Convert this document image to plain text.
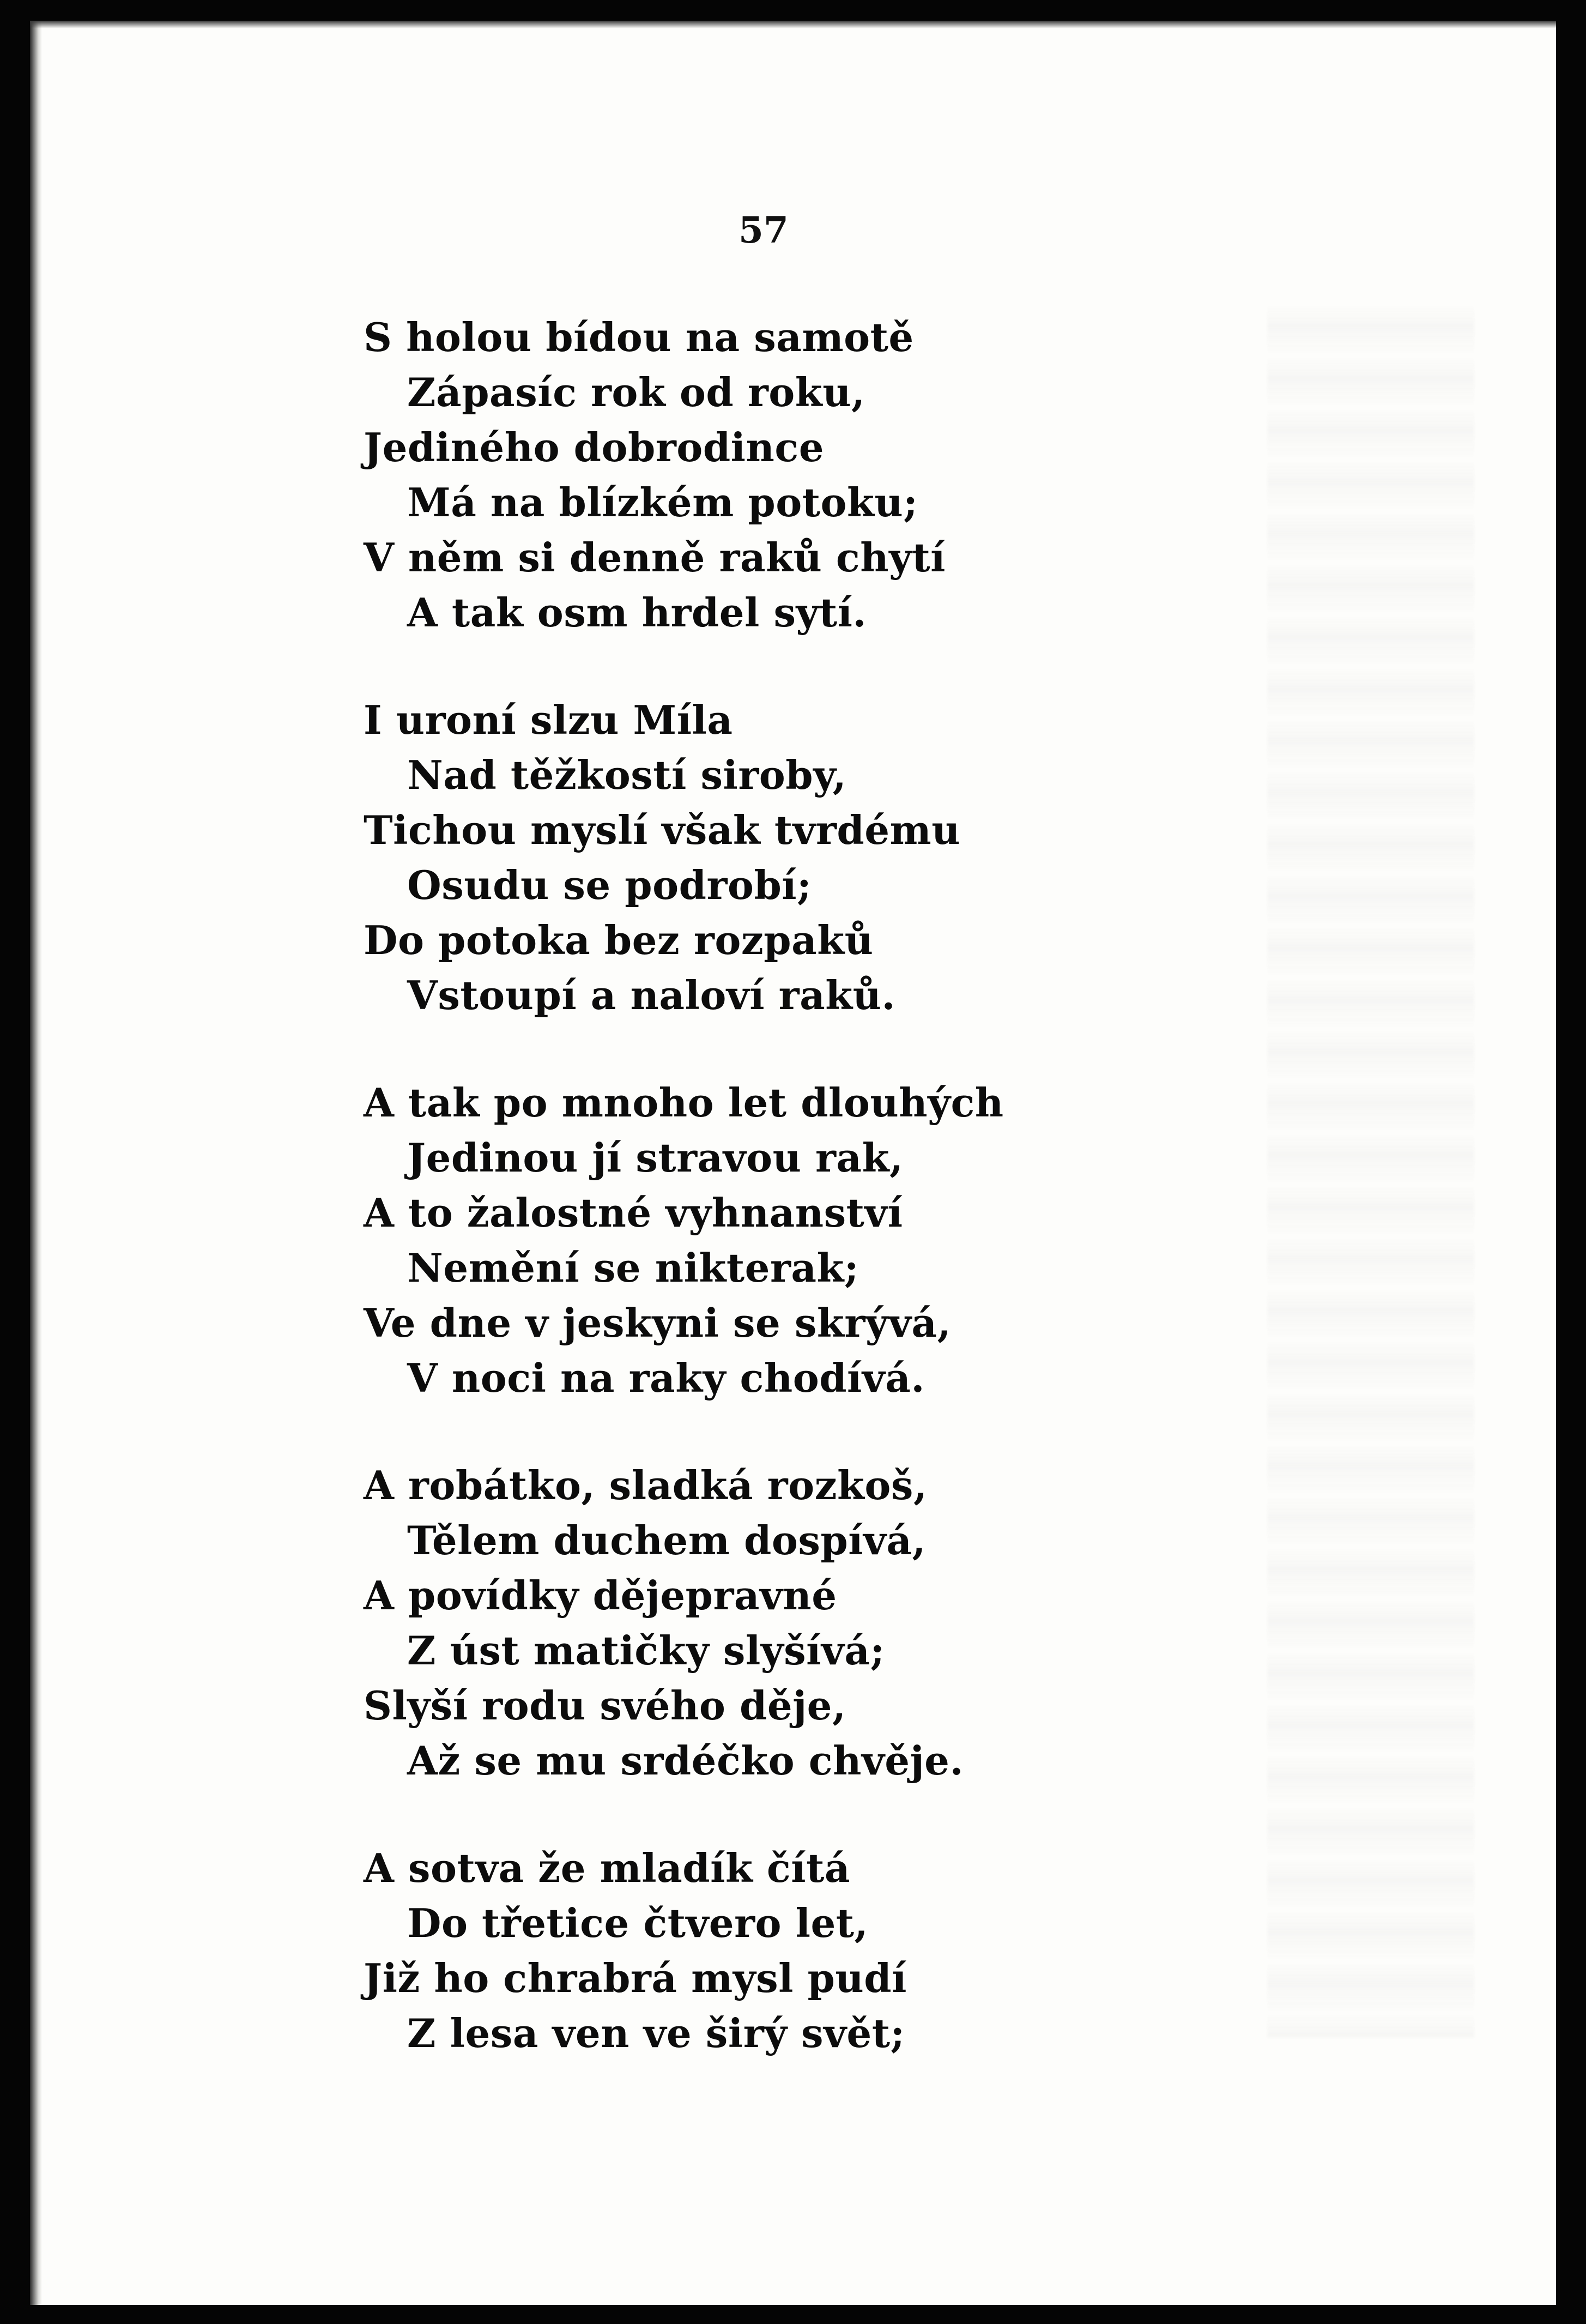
57
S holou bídou na samotě
Zápasíc rok od roku,
Jediného dobrodince
Má na blízkém potoku;
V něm si denně raků chytí
A tak osm hrdel sytí.
I uroní slzu Míla
Nad těžkostí siroby,
Tichou myslí však tvrdému
Osudu se podrobí;
Do potoka bez rozpaků
Vstoupí a naloví raků.
A tak po mnoho let dlouhých
Jedinou jí stravou rak,
A to žalostné vyhnanství
Nemění se nikterak;
Ve dne v jeskyni se skrývá,
V noci na raky chodívá.
A robátko, sladká rozkoš,
Tělem duchem dospívá,
A povídky dějepravné
Z úst matičky slyšívá;
Slyší rodu svého děje,
Až se mu srdéčko chvěje.
A sotva že mladík čítá
Do třetice čtvero let,
Již ho chrabrá mysl pudí
Z lesa ven ve širý svět;
